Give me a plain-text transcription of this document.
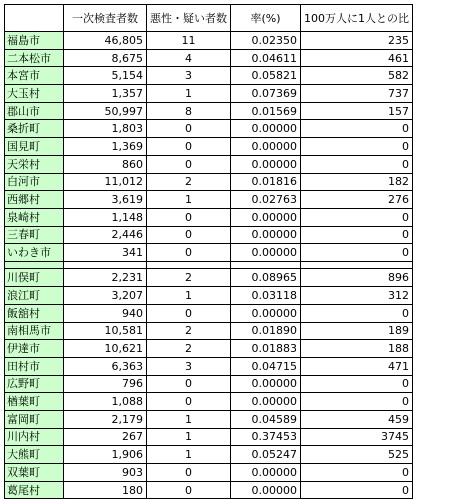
	一次検査者数	悪性・疑い者数	率(%)	100万人に1人との比
福島市	46,805	11	0.02350	235
二本松市	8,675	4	0.04611	461
本宮市	5,154	3	0.05821	582
大玉村	1,357	1	0.07369	737
郡山市	50,997	8	0.01569	157
桑折町	1,803	0	0.00000	0
国見町	1,369	0	0.00000	0
天栄村	860	0	0.00000	0
白河市	11,012	2	0.01816	182
西郷村	3,619	1	0.02763	276
泉崎村	1,148	0	0.00000	0
三春町	2,446	0	0.00000	0
いわき市	341	0	0.00000	0

川俣町	2,231	2	0.08965	896
浪江町	3,207	1	0.03118	312
飯舘村	940	0	0.00000	0
南相馬市	10,581	2	0.01890	189
伊達市	10,621	2	0.01883	188
田村市	6,363	3	0.04715	471
広野町	796	0	0.00000	0
楢葉町	1,088	0	0.00000	0
富岡町	2,179	1	0.04589	459
川内村	267	1	0.37453	3745
大熊町	1,906	1	0.05247	525
双葉町	903	0	0.00000	0
葛尾村	180	0	0.00000	0
